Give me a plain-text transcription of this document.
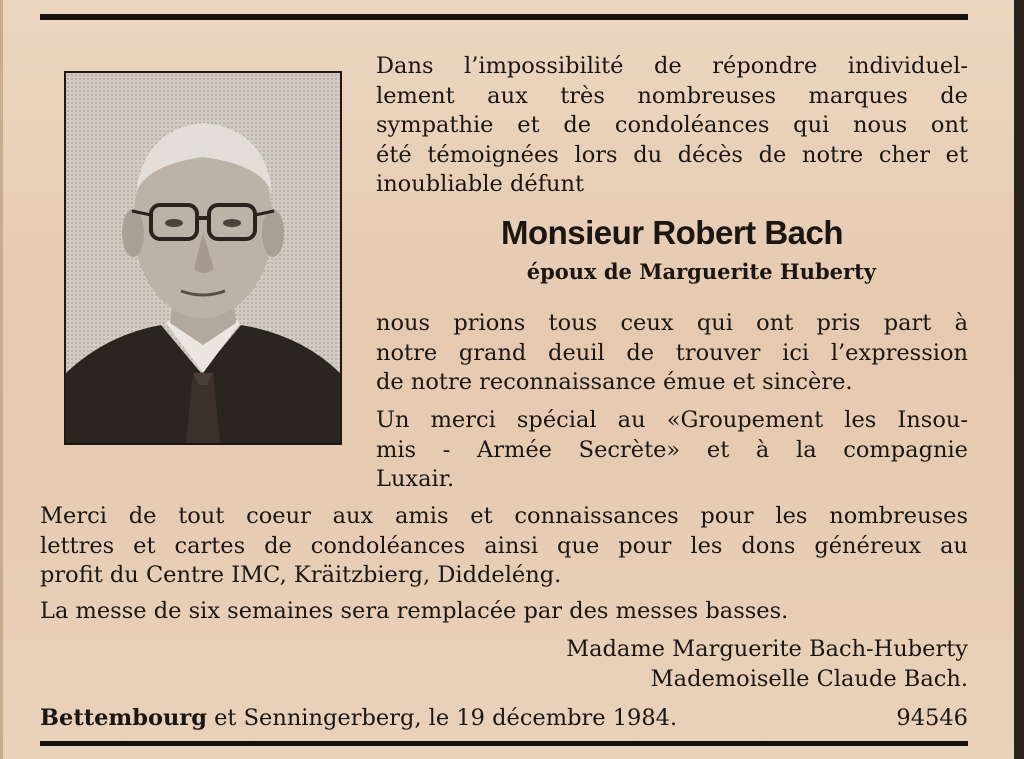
Dans l’impossibilité de répondre individuel-
lement aux très nombreuses marques de
sympathie et de condoléances qui nous ont
été témoignées lors du décès de notre cher et
inoubliable défunt
Monsieur Robert Bach
époux de Marguerite Huberty
nous prions tous ceux qui ont pris part à
notre grand deuil de trouver ici l’expression
de notre reconnaissance émue et sincère.
Un merci spécial au «Groupement les Insou-
mis - Armée Secrète» et à la compagnie
Luxair.
Merci de tout coeur aux amis et connaissances pour les nombreuses
lettres et cartes de condoléances ainsi que pour les dons généreux au
profit du Centre IMC, Kräitzbierg, Diddeléng.
La messe de six semaines sera remplacée par des messes basses.
Madame Marguerite Bach-Huberty
Mademoiselle Claude Bach.
Bettembourg et Senningerberg, le 19 décembre 1984.	94546
